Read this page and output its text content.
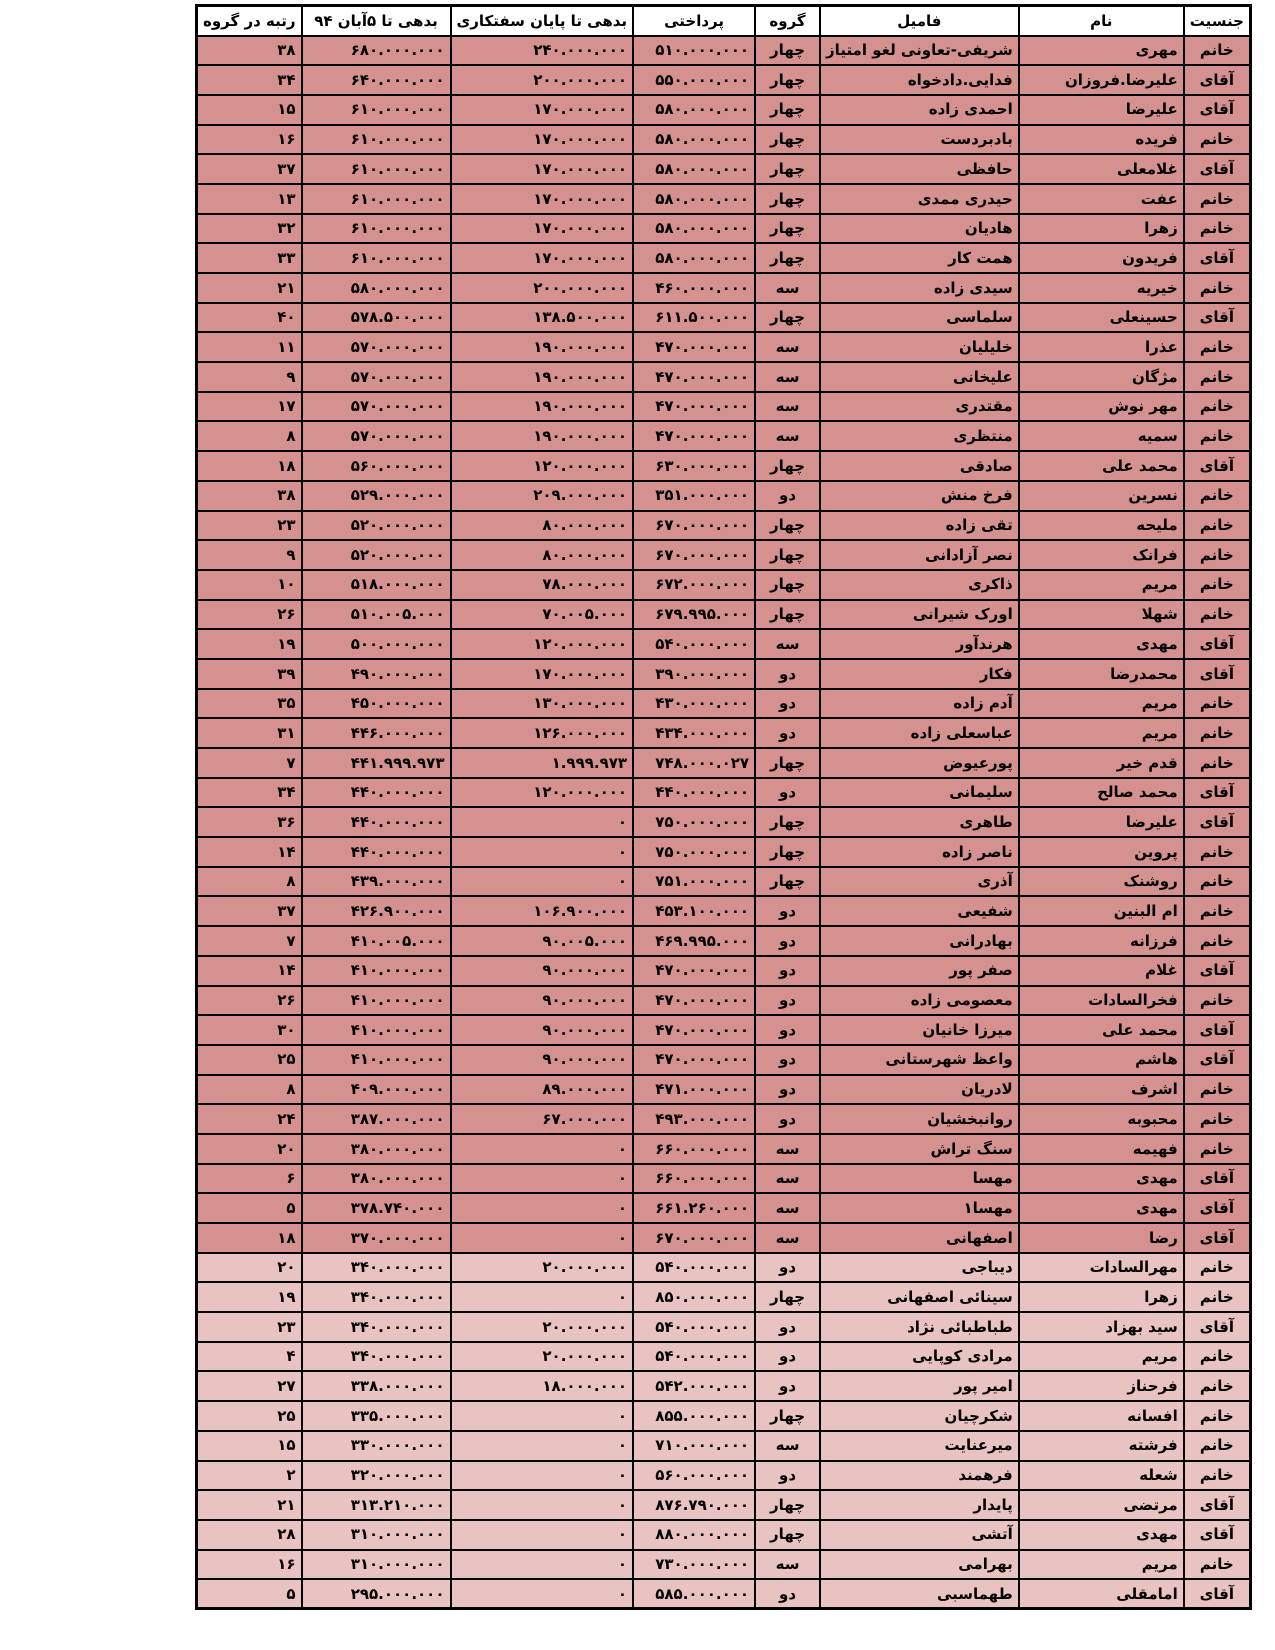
جنسیت	نام	فامیل	گروه	پرداختی	بدهی تا پایان سفتکاری	بدهی تا ۵آبان ۹۴	رتبه در گروه
خانم	مهری	شریفی-تعاونی لغو امتیاز	چهار	۵۱۰.۰۰۰.۰۰۰	۲۴۰.۰۰۰.۰۰۰	۶۸۰.۰۰۰.۰۰۰	۳۸
آقای	علیرضا.فروزان	فدایی.دادخواه	چهار	۵۵۰.۰۰۰.۰۰۰	۲۰۰.۰۰۰.۰۰۰	۶۴۰.۰۰۰.۰۰۰	۳۴
آقای	علیرضا	احمدی زاده	چهار	۵۸۰.۰۰۰.۰۰۰	۱۷۰.۰۰۰.۰۰۰	۶۱۰.۰۰۰.۰۰۰	۱۵
خانم	فریده	بادبردست	چهار	۵۸۰.۰۰۰.۰۰۰	۱۷۰.۰۰۰.۰۰۰	۶۱۰.۰۰۰.۰۰۰	۱۶
آقای	غلامعلی	حافظی	چهار	۵۸۰.۰۰۰.۰۰۰	۱۷۰.۰۰۰.۰۰۰	۶۱۰.۰۰۰.۰۰۰	۳۷
خانم	عفت	حیدری ممدی	چهار	۵۸۰.۰۰۰.۰۰۰	۱۷۰.۰۰۰.۰۰۰	۶۱۰.۰۰۰.۰۰۰	۱۳
خانم	زهرا	هادیان	چهار	۵۸۰.۰۰۰.۰۰۰	۱۷۰.۰۰۰.۰۰۰	۶۱۰.۰۰۰.۰۰۰	۳۲
آقای	فریدون	همت کار	چهار	۵۸۰.۰۰۰.۰۰۰	۱۷۰.۰۰۰.۰۰۰	۶۱۰.۰۰۰.۰۰۰	۳۳
خانم	خیریه	سیدی زاده	سه	۴۶۰.۰۰۰.۰۰۰	۲۰۰.۰۰۰.۰۰۰	۵۸۰.۰۰۰.۰۰۰	۲۱
آقای	حسینعلی	سلماسی	چهار	۶۱۱.۵۰۰.۰۰۰	۱۳۸.۵۰۰.۰۰۰	۵۷۸.۵۰۰.۰۰۰	۴۰
خانم	عذرا	خلیلیان	سه	۴۷۰.۰۰۰.۰۰۰	۱۹۰.۰۰۰.۰۰۰	۵۷۰.۰۰۰.۰۰۰	۱۱
خانم	مژگان	علیخانی	سه	۴۷۰.۰۰۰.۰۰۰	۱۹۰.۰۰۰.۰۰۰	۵۷۰.۰۰۰.۰۰۰	۹
خانم	مهر نوش	مقتدری	سه	۴۷۰.۰۰۰.۰۰۰	۱۹۰.۰۰۰.۰۰۰	۵۷۰.۰۰۰.۰۰۰	۱۷
خانم	سمیه	منتظری	سه	۴۷۰.۰۰۰.۰۰۰	۱۹۰.۰۰۰.۰۰۰	۵۷۰.۰۰۰.۰۰۰	۸
آقای	محمد علی	صادقی	چهار	۶۳۰.۰۰۰.۰۰۰	۱۲۰.۰۰۰.۰۰۰	۵۶۰.۰۰۰.۰۰۰	۱۸
خانم	نسرین	فرخ منش	دو	۳۵۱.۰۰۰.۰۰۰	۲۰۹.۰۰۰.۰۰۰	۵۲۹.۰۰۰.۰۰۰	۳۸
خانم	ملیحه	تقی زاده	چهار	۶۷۰.۰۰۰.۰۰۰	۸۰.۰۰۰.۰۰۰	۵۲۰.۰۰۰.۰۰۰	۲۳
خانم	فرانک	نصر آزادانی	چهار	۶۷۰.۰۰۰.۰۰۰	۸۰.۰۰۰.۰۰۰	۵۲۰.۰۰۰.۰۰۰	۹
خانم	مریم	ذاکری	چهار	۶۷۲.۰۰۰.۰۰۰	۷۸.۰۰۰.۰۰۰	۵۱۸.۰۰۰.۰۰۰	۱۰
خانم	شهلا	اورک شیرانی	چهار	۶۷۹.۹۹۵.۰۰۰	۷۰.۰۰۵.۰۰۰	۵۱۰.۰۰۵.۰۰۰	۲۶
آقای	مهدی	هرندآور	سه	۵۴۰.۰۰۰.۰۰۰	۱۲۰.۰۰۰.۰۰۰	۵۰۰.۰۰۰.۰۰۰	۱۹
آقای	محمدرضا	فکار	دو	۳۹۰.۰۰۰.۰۰۰	۱۷۰.۰۰۰.۰۰۰	۴۹۰.۰۰۰.۰۰۰	۳۹
خانم	مریم	آدم زاده	دو	۴۳۰.۰۰۰.۰۰۰	۱۳۰.۰۰۰.۰۰۰	۴۵۰.۰۰۰.۰۰۰	۳۵
خانم	مریم	عباسعلی زاده	دو	۴۳۴.۰۰۰.۰۰۰	۱۲۶.۰۰۰.۰۰۰	۴۴۶.۰۰۰.۰۰۰	۳۱
خانم	قدم خیر	پورعیوض	چهار	۷۴۸.۰۰۰.۰۲۷	۱.۹۹۹.۹۷۳	۴۴۱.۹۹۹.۹۷۳	۷
آقای	محمد صالح	سلیمانی	دو	۴۴۰.۰۰۰.۰۰۰	۱۲۰.۰۰۰.۰۰۰	۴۴۰.۰۰۰.۰۰۰	۳۴
آقای	علیرضا	طاهری	چهار	۷۵۰.۰۰۰.۰۰۰	۰	۴۴۰.۰۰۰.۰۰۰	۳۶
خانم	پروین	ناصر زاده	چهار	۷۵۰.۰۰۰.۰۰۰	۰	۴۴۰.۰۰۰.۰۰۰	۱۴
خانم	روشنک	آذری	چهار	۷۵۱.۰۰۰.۰۰۰	۰	۴۳۹.۰۰۰.۰۰۰	۸
خانم	ام البنین	شفیعی	دو	۴۵۳.۱۰۰.۰۰۰	۱۰۶.۹۰۰.۰۰۰	۴۲۶.۹۰۰.۰۰۰	۳۷
خانم	فرزانه	بهادرانی	دو	۴۶۹.۹۹۵.۰۰۰	۹۰.۰۰۵.۰۰۰	۴۱۰.۰۰۵.۰۰۰	۷
آقای	غلام	صفر پور	دو	۴۷۰.۰۰۰.۰۰۰	۹۰.۰۰۰.۰۰۰	۴۱۰.۰۰۰.۰۰۰	۱۴
خانم	فخرالسادات	معصومی زاده	دو	۴۷۰.۰۰۰.۰۰۰	۹۰.۰۰۰.۰۰۰	۴۱۰.۰۰۰.۰۰۰	۲۶
آقای	محمد علی	میرزا خانیان	دو	۴۷۰.۰۰۰.۰۰۰	۹۰.۰۰۰.۰۰۰	۴۱۰.۰۰۰.۰۰۰	۳۰
آقای	هاشم	واعظ شهرستانی	دو	۴۷۰.۰۰۰.۰۰۰	۹۰.۰۰۰.۰۰۰	۴۱۰.۰۰۰.۰۰۰	۲۵
خانم	اشرف	لادریان	دو	۴۷۱.۰۰۰.۰۰۰	۸۹.۰۰۰.۰۰۰	۴۰۹.۰۰۰.۰۰۰	۸
خانم	محبوبه	روانبخشیان	دو	۴۹۳.۰۰۰.۰۰۰	۶۷.۰۰۰.۰۰۰	۳۸۷.۰۰۰.۰۰۰	۲۴
خانم	فهیمه	سنگ تراش	سه	۶۶۰.۰۰۰.۰۰۰	۰	۳۸۰.۰۰۰.۰۰۰	۲۰
آقای	مهدی	مهسا	سه	۶۶۰.۰۰۰.۰۰۰	۰	۳۸۰.۰۰۰.۰۰۰	۶
آقای	مهدی	مهسا۱	سه	۶۶۱.۲۶۰.۰۰۰	۰	۳۷۸.۷۴۰.۰۰۰	۵
آقای	رضا	اصفهانی	سه	۶۷۰.۰۰۰.۰۰۰	۰	۳۷۰.۰۰۰.۰۰۰	۱۸
خانم	مهرالسادات	دیباجی	دو	۵۴۰.۰۰۰.۰۰۰	۲۰.۰۰۰.۰۰۰	۳۴۰.۰۰۰.۰۰۰	۲۰
خانم	زهرا	سینائی اصفهانی	چهار	۸۵۰.۰۰۰.۰۰۰	۰	۳۴۰.۰۰۰.۰۰۰	۱۹
آقای	سید بهزاد	طباطبائی نژاد	دو	۵۴۰.۰۰۰.۰۰۰	۲۰.۰۰۰.۰۰۰	۳۴۰.۰۰۰.۰۰۰	۲۳
خانم	مریم	مرادی کوپایی	دو	۵۴۰.۰۰۰.۰۰۰	۲۰.۰۰۰.۰۰۰	۳۴۰.۰۰۰.۰۰۰	۴
خانم	فرحناز	امیر پور	دو	۵۴۲.۰۰۰.۰۰۰	۱۸.۰۰۰.۰۰۰	۳۳۸.۰۰۰.۰۰۰	۲۷
خانم	افسانه	شکرچیان	چهار	۸۵۵.۰۰۰.۰۰۰	۰	۳۳۵.۰۰۰.۰۰۰	۲۵
خانم	فرشته	میرعنایت	سه	۷۱۰.۰۰۰.۰۰۰	۰	۳۳۰.۰۰۰.۰۰۰	۱۵
خانم	شعله	فرهمند	دو	۵۶۰.۰۰۰.۰۰۰	۰	۳۲۰.۰۰۰.۰۰۰	۲
آقای	مرتضی	پایدار	چهار	۸۷۶.۷۹۰.۰۰۰	۰	۳۱۳.۲۱۰.۰۰۰	۲۱
آقای	مهدی	آتشی	چهار	۸۸۰.۰۰۰.۰۰۰	۰	۳۱۰.۰۰۰.۰۰۰	۲۸
خانم	مریم	بهرامی	سه	۷۳۰.۰۰۰.۰۰۰	۰	۳۱۰.۰۰۰.۰۰۰	۱۶
آقای	امامقلی	طهماسبی	دو	۵۸۵.۰۰۰.۰۰۰	۰	۲۹۵.۰۰۰.۰۰۰	۵
